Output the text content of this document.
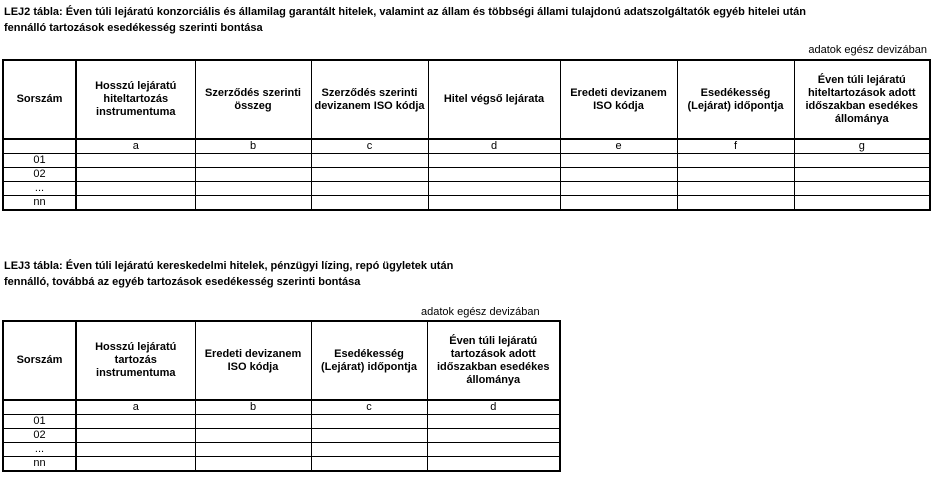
LEJ2 tábla: Éven túli lejáratú konzorciális és államilag garantált hitelek, valamint az állam és többségi állami tulajdonú adatszolgáltatók egyéb hitelei után
fennálló tartozások esedékesség szerinti bontása
adatok egész devizában
Sorszám	Hosszú lejáratú hiteltartozás instrumentuma	Szerződés szerinti összeg	Szerződés szerinti devizanem ISO kódja	Hitel végső lejárata	Eredeti devizanem ISO kódja	Esedékesség (Lejárat) időpontja	Éven túli lejáratú hiteltartozások adott időszakban esedékes állománya
	a	b	c	d	e	f	g
01							
02							
...							
nn							
LEJ3 tábla: Éven túli lejáratú kereskedelmi hitelek, pénzügyi lízing, repó ügyletek után
fennálló, továbbá az egyéb tartozások esedékesség szerinti bontása
adatok egész devizában
Sorszám	Hosszú lejáratú tartozás instrumentuma	Eredeti devizanem ISO kódja	Esedékesség (Lejárat) időpontja	Éven túli lejáratú tartozások adott időszakban esedékes állománya
	a	b	c	d
01				
02				
...				
nn				
